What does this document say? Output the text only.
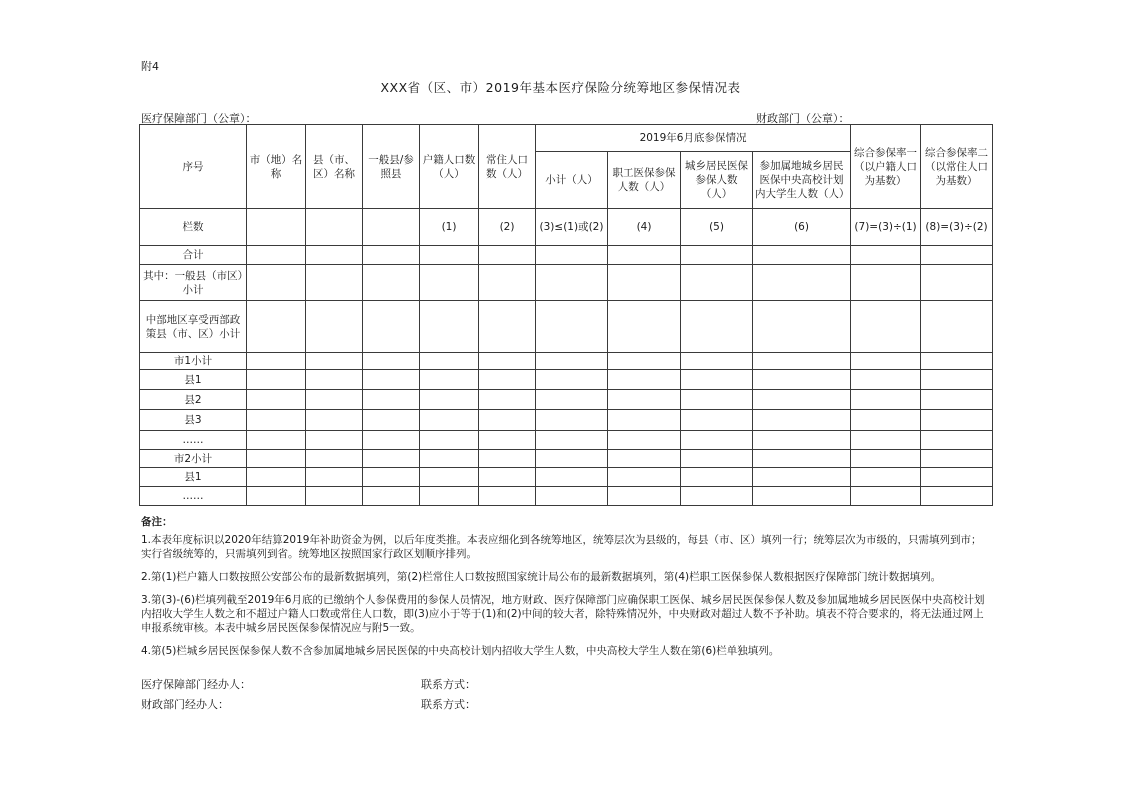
附4
XXX省（区、市）2019年基本医疗保险分统筹地区参保情况表
医疗保障部门（公章）：	财政部门（公章）：
序号	市（地）名称	县（市、区）名称	一般县/参照县	户籍人口数（人）	常住人口数（人）	2019年6月底参保情况				综合参保率一（以户籍人口为基数）	综合参保率二（以常住人口为基数）
						小计（人）	职工医保参保人数（人）	城乡居民医保参保人数（人）	参加属地城乡居民医保中央高校计划内大学生人数（人）		
栏数				(1)	(2)	(3)≤(1)或(2)	(4)	(5)	(6)	(7)=(3)÷(1)	(8)=(3)÷(2)
合计											
其中：一般县（市区）小计											
中部地区享受西部政策县（市、区）小计											
市1小计											
县1											
县2											
县3											
……											
市2小计											
县1											
……											
备注：

1.本表年度标识以2020年结算2019年补助资金为例，以后年度类推。本表应细化到各统筹地区，统筹层次为县级的，每县（市、区）填列一行；统筹层次为市级的，只需填列到市；实行省级统筹的，只需填列到省。统筹地区按照国家行政区划顺序排列。

2.第(1)栏户籍人口数按照公安部公布的最新数据填列，第(2)栏常住人口数按照国家统计局公布的最新数据填列，第(4)栏职工医保参保人数根据医疗保障部门统计数据填列。

3.第(3)-(6)栏填列截至2019年6月底的已缴纳个人参保费用的参保人员情况，地方财政、医疗保障部门应确保职工医保、城乡居民医保参保人数及参加属地城乡居民医保中央高校计划内招收大学生人数之和不超过户籍人口数或常住人口数，即(3)应小于等于(1)和(2)中间的较大者，除特殊情况外，中央财政对超过人数不予补助。填表不符合要求的，将无法通过网上申报系统审核。本表中城乡居民医保参保情况应与附5一致。

4.第(5)栏城乡居民医保参保人数不含参加属地城乡居民医保的中央高校计划内招收大学生人数，中央高校大学生人数在第(6)栏单独填列。

医疗保障部门经办人：	联系方式：
财政部门经办人：	联系方式：
